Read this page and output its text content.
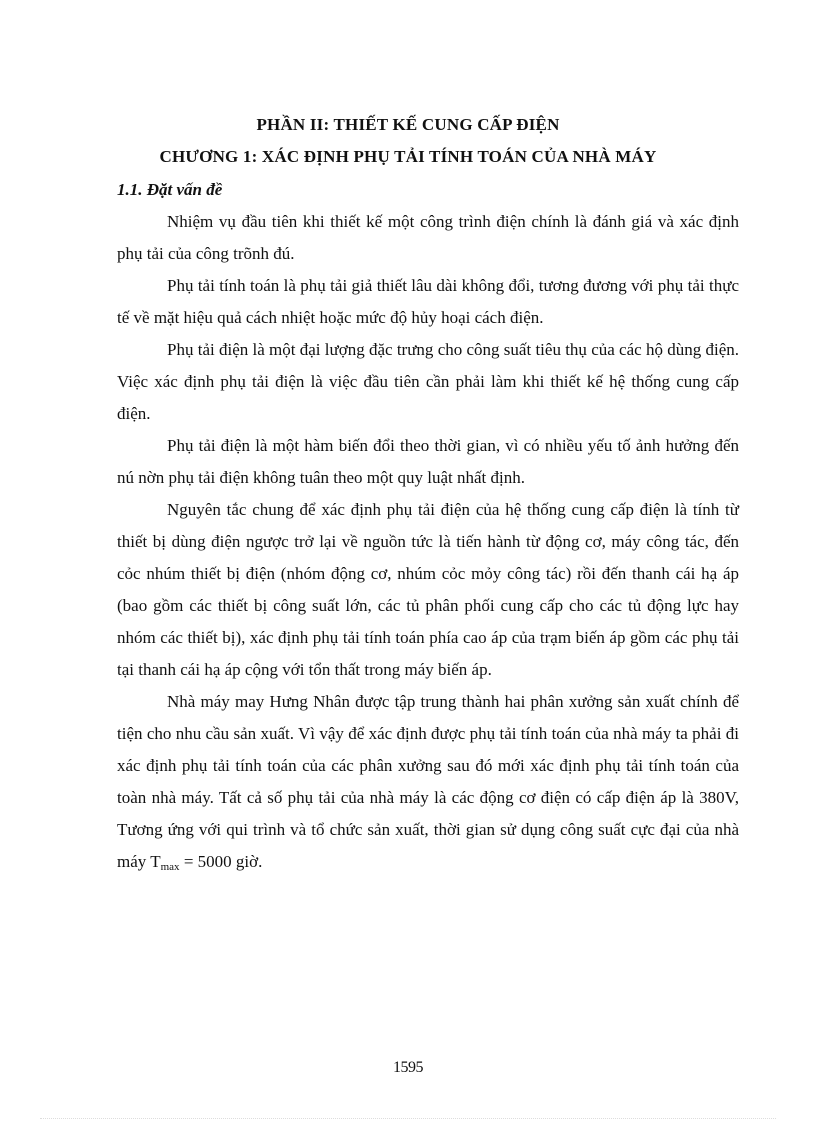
PHẦN II: THIẾT KẾ CUNG CẤP ĐIỆN
CHƯƠNG 1: XÁC ĐỊNH PHỤ TẢI TÍNH TOÁN CỦA NHÀ MÁY
1.1. Đặt vấn đề

Nhiệm vụ đầu tiên khi thiết kế một công trình điện chính là đánh giá và xác định phụ tải của công trõnh đú.

Phụ tải tính toán là phụ tải giả thiết lâu dài không đổi, tương đương với phụ tải thực tế về mặt hiệu quả cách nhiệt hoặc mức độ hủy hoại cách điện.

Phụ tải điện là một đại lượng đặc trưng cho công suất tiêu thụ của các hộ dùng điện. Việc xác định phụ tải điện là việc đầu tiên cần phải làm khi thiết kế hệ thống cung cấp điện.

Phụ tải điện là một hàm biến đổi theo thời gian, vì có nhiều yếu tố ảnh hưởng đến nú nờn phụ tải điện không tuân theo một quy luật nhất định.

Nguyên tắc chung để xác định phụ tải điện của hệ thống cung cấp điện là tính từ thiết bị dùng điện ngược trở lại về nguồn tức là tiến hành từ động cơ, máy công tác, đến cỏc nhúm thiết bị điện (nhóm động cơ, nhúm cỏc mỏy công tác) rồi đến thanh cái hạ áp (bao gồm các thiết bị công suất lớn, các tủ phân phối cung cấp cho các tủ động lực hay nhóm các thiết bị), xác định phụ tải tính toán phía cao áp của trạm biến áp gồm các phụ tải tại thanh cái hạ áp cộng với tổn thất trong máy biến áp.

Nhà máy may Hưng Nhân được tập trung thành hai phân xưởng sản xuất chính để tiện cho nhu cầu sản xuất. Vì vậy để xác định được phụ tải tính toán của nhà máy ta phải đi xác định phụ tải tính toán của các phân xưởng sau đó mới xác định phụ tải tính toán của toàn nhà máy. Tất cả số phụ tải của nhà máy là các động cơ điện có cấp điện áp là 380V, Tương ứng với qui trình và tổ chức sản xuất, thời gian sử dụng công suất cực đại của nhà máy $T_{max} = 5000$ giờ.

1595
